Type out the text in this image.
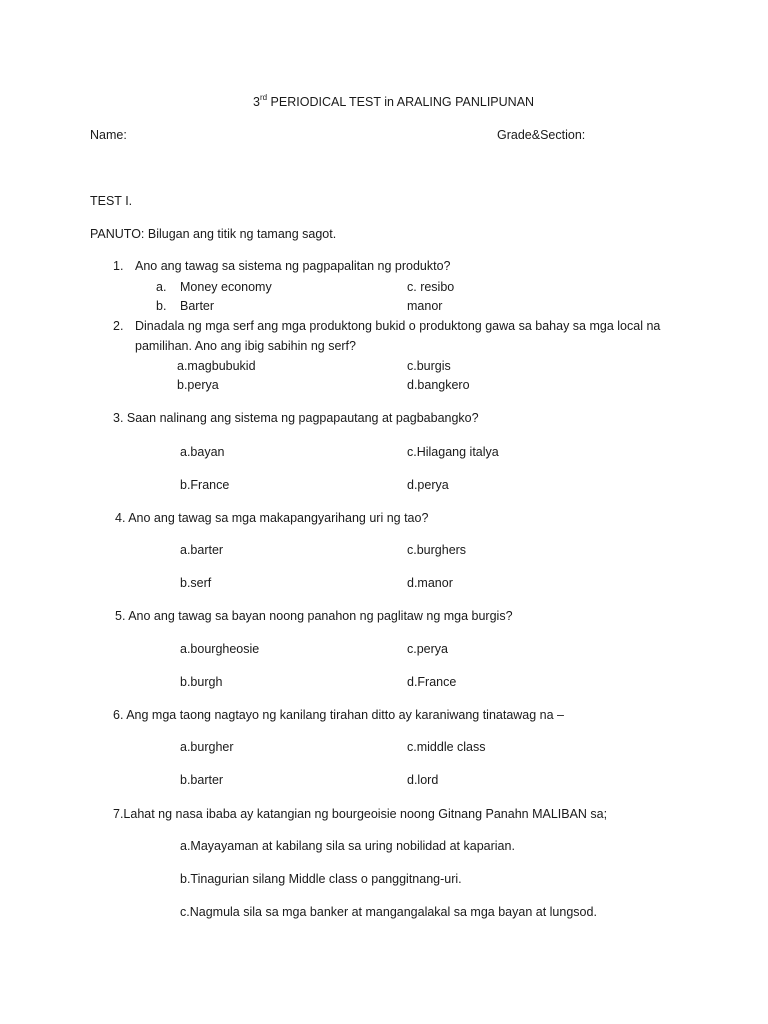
3rd PERIODICAL TEST in ARALING PANLIPUNAN
Name:	Grade&Section:
TEST I.
PANUTO: Bilugan ang titik ng tamang sagot.
1. Ano ang tawag sa sistema ng pagpapalitan ng produkto?
a. Money economy
b. Barter
c. resibo
manor
2. Dinadala ng mga serf ang mga produktong bukid o produktong gawa sa bahay sa mga local na
pamilihan. Ano ang ibig sabihin ng serf?
a.magbubukid
b.perya
c.burgis
d.bangkero
3. Saan nalinang ang sistema ng pagpapautang at pagbabangko?
a.bayan
b.France
c.Hilagang italya
d.perya
4. Ano ang tawag sa mga makapangyarihang uri ng tao?
a.barter
b.serf
c.burghers
d.manor
5. Ano ang tawag sa bayan noong panahon ng paglitaw ng mga burgis?
a.bourgheosie
b.burgh
c.perya
d.France
6. Ang mga taong nagtayo ng kanilang tirahan ditto ay karaniwang tinatawag na –
a.burgher
b.barter
c.middle class
d.lord
7.Lahat ng nasa ibaba ay katangian ng bourgeoisie noong Gitnang Panahn MALIBAN sa;
a.Mayayaman at kabilang sila sa uring nobilidad at kaparian.
b.Tinagurian silang Middle class o panggitnang-uri.
c.Nagmula sila sa mga banker at mangangalakal sa mga bayan at lungsod.
